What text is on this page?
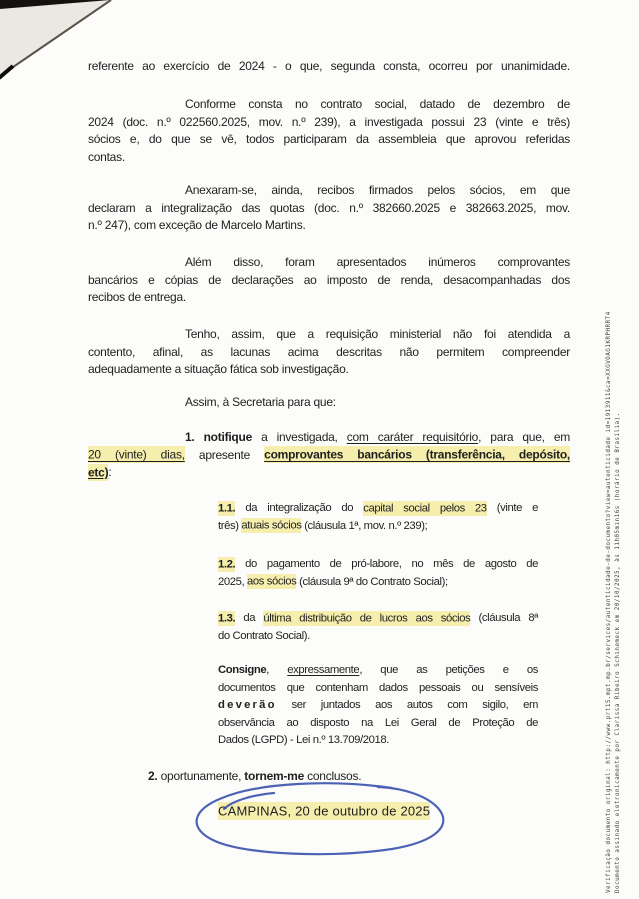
referente ao exercício de 2024 - o que, segunda consta, ocorreu por unanimidade.
Conforme consta no contrato social, datado de dezembro de
2024 (doc. n.º 022560.2025, mov. n.º 239), a investigada possui 23 (vinte e três)
sócios e, do que se vê, todos participaram da assembleia que aprovou referidas
contas.
Anexaram-se, ainda, recibos firmados pelos sócios, em que
declaram a integralização das quotas (doc. n.º 382660.2025 e 382663.2025, mov.
n.º 247), com exceção de Marcelo Martins.
Além disso, foram apresentados inúmeros comprovantes
bancários e cópias de declarações ao imposto de renda, desacompanhadas dos
recibos de entrega.
Tenho, assim, que a requisição ministerial não foi atendida a
contento, afinal, as lacunas acima descritas não permitem compreender
adequadamente a situação fática sob investigação.
Assim, à Secretaria para que:
1. notifique a investigada, com caráter requisitório, para que, em
20 (vinte) dias, apresente comprovantes bancários (transferência, depósito,
etc):
1.1. da integralização do capital social pelos 23 (vinte e
três) atuais sócios (cláusula 1ª, mov. n.º 239);
1.2. do pagamento de pró-labore, no mês de agosto de
2025, aos sócios (cláusula 9ª do Contrato Social);
1.3. da última distribuição de lucros aos sócios (cláusula 8ª
do Contrato Social).
Consigne, expressamente, que as petições e os
documentos que contenham dados pessoais ou sensíveis
deverão ser juntados aos autos com sigilo, em
observância ao disposto na Lei Geral de Proteção de
Dados (LGPD) - Lei n.º 13.709/2018.
2. oportunamente, tornem-me conclusos.
CAMPINAS, 20 de outubro de 2025	Verificação documento original: http://www.prt15.mpt.mp.br/services/autenticidade-de-documento?view=autenticidade id=1913911&ca=XXGVOAG1KRPHRRT4 Documento assinado eletronicamente por Clarissa Ribeiro Schinemeck em 20/10/2025, às 11h05min16s (horário de Brasília).
